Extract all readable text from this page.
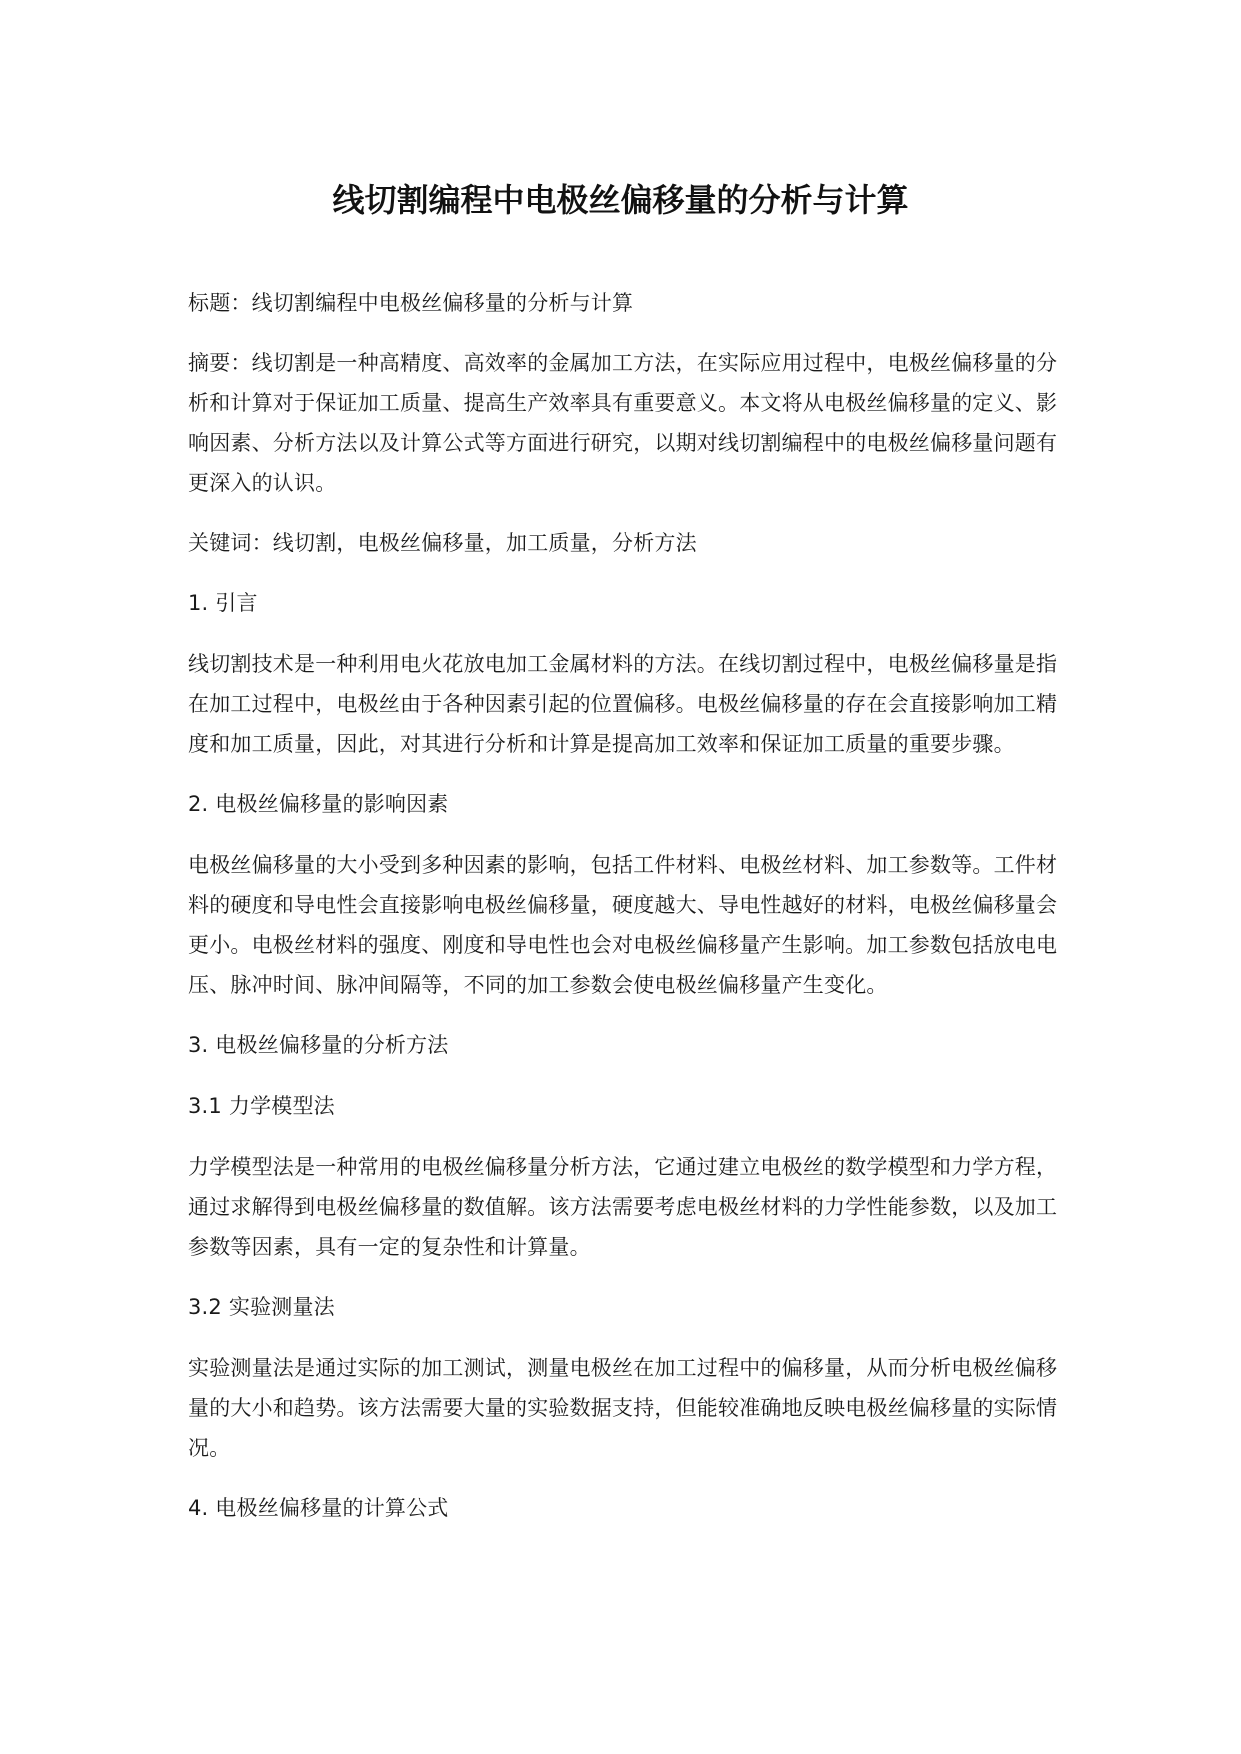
线切割编程中电极丝偏移量的分析与计算

标题：线切割编程中电极丝偏移量的分析与计算

摘要：线切割是一种高精度、高效率的金属加工方法，在实际应用过程中，电极丝偏移量的分析和计算对于保证加工质量、提高生产效率具有重要意义。本文将从电极丝偏移量的定义、影响因素、分析方法以及计算公式等方面进行研究，以期对线切割编程中的电极丝偏移量问题有更深入的认识。

关键词：线切割，电极丝偏移量，加工质量，分析方法

1. 引言

线切割技术是一种利用电火花放电加工金属材料的方法。在线切割过程中，电极丝偏移量是指在加工过程中，电极丝由于各种因素引起的位置偏移。电极丝偏移量的存在会直接影响加工精度和加工质量，因此，对其进行分析和计算是提高加工效率和保证加工质量的重要步骤。

2. 电极丝偏移量的影响因素

电极丝偏移量的大小受到多种因素的影响，包括工件材料、电极丝材料、加工参数等。工件材料的硬度和导电性会直接影响电极丝偏移量，硬度越大、导电性越好的材料，电极丝偏移量会更小。电极丝材料的强度、刚度和导电性也会对电极丝偏移量产生影响。加工参数包括放电电压、脉冲时间、脉冲间隔等，不同的加工参数会使电极丝偏移量产生变化。

3. 电极丝偏移量的分析方法

3.1 力学模型法

力学模型法是一种常用的电极丝偏移量分析方法，它通过建立电极丝的数学模型和力学方程，通过求解得到电极丝偏移量的数值解。该方法需要考虑电极丝材料的力学性能参数，以及加工参数等因素，具有一定的复杂性和计算量。

3.2 实验测量法

实验测量法是通过实际的加工测试，测量电极丝在加工过程中的偏移量，从而分析电极丝偏移量的大小和趋势。该方法需要大量的实验数据支持，但能较准确地反映电极丝偏移量的实际情况。

4. 电极丝偏移量的计算公式
